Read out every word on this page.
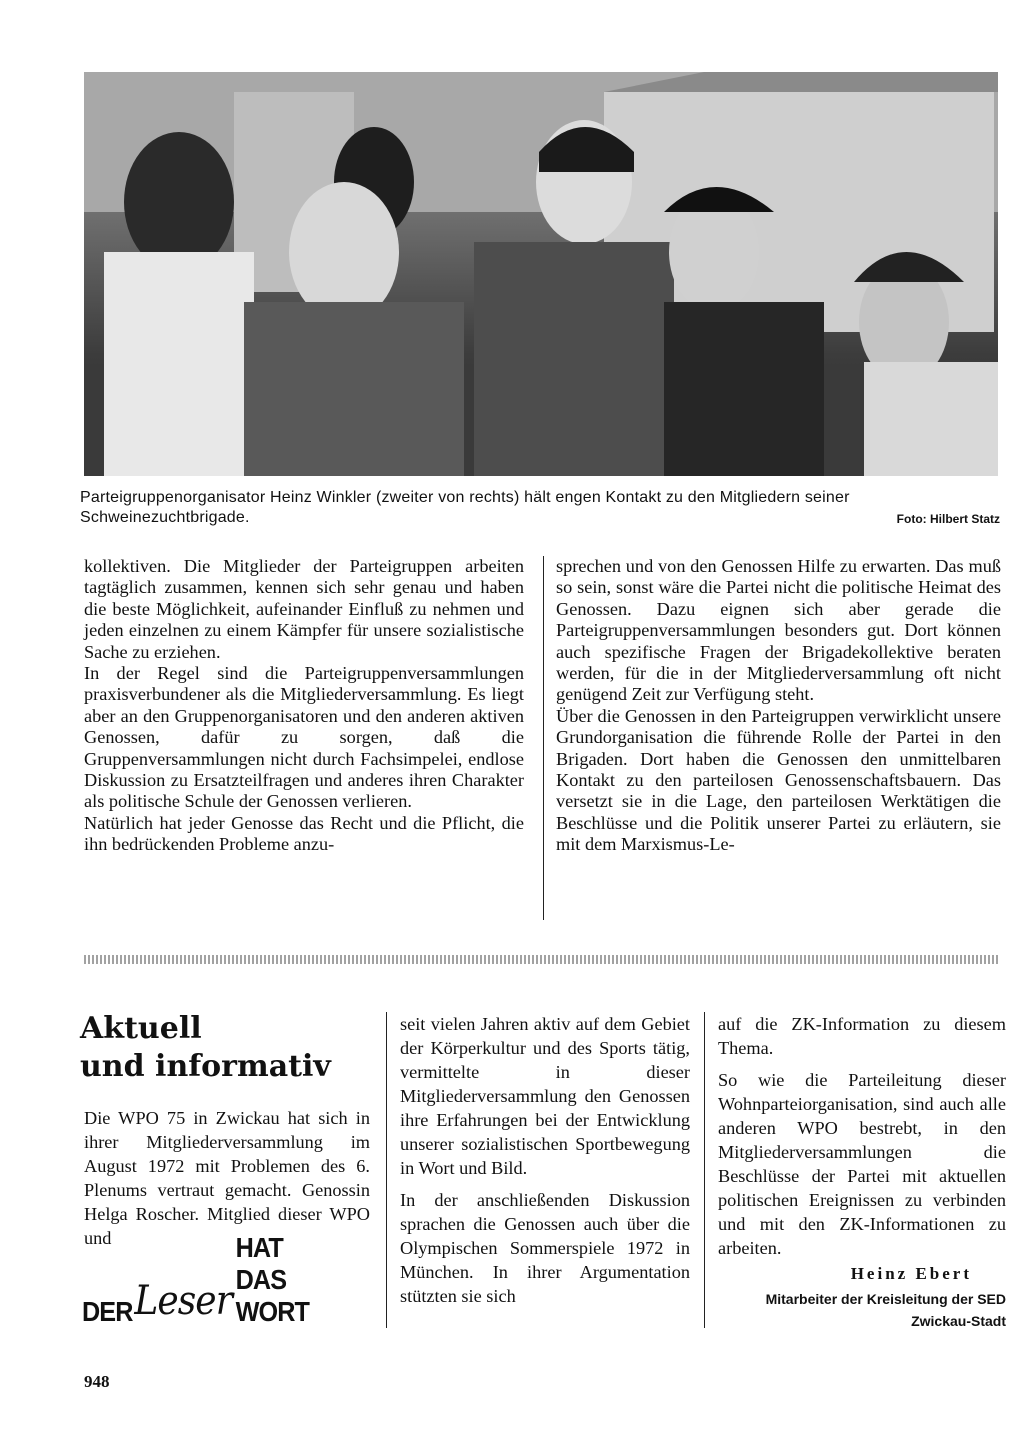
Parteigruppenorganisator Heinz Winkler (zweiter von rechts) hält engen Kontakt zu den Mitgliedern seiner Schweinezuchtbrigade.	Foto: Hilbert Statz

kollektiven. Die Mitglieder der Parteigruppen arbeiten tagtäglich zusammen, kennen sich sehr genau und haben die beste Möglichkeit, aufeinander Einfluß zu nehmen und jeden einzelnen zu einem Kämpfer für unsere sozialistische Sache zu erziehen.

In der Regel sind die Parteigruppenversammlungen praxisverbundener als die Mitgliederversammlung. Es liegt aber an den Gruppenorganisatoren und den anderen aktiven Genossen, dafür zu sorgen, daß die Gruppenversammlungen nicht durch Fachsimpelei, endlose Diskussion zu Ersatzteilfragen und anderes ihren Charakter als politische Schule der Genossen verlieren.

Natürlich hat jeder Genosse das Recht und die Pflicht, die ihn bedrückenden Probleme anzu-

sprechen und von den Genossen Hilfe zu erwarten. Das muß so sein, sonst wäre die Partei nicht die politische Heimat des Genossen. Dazu eignen sich aber gerade die Parteigruppenversammlungen besonders gut. Dort können auch spezifische Fragen der Brigadekollektive beraten werden, für die in der Mitgliederversammlung oft nicht genügend Zeit zur Verfügung steht.

Über die Genossen in den Parteigruppen verwirklicht unsere Grundorganisation die führende Rolle der Partei in den Brigaden. Dort haben die Genossen den unmittelbaren Kontakt zu den parteilosen Genossenschaftsbauern. Das versetzt sie in die Lage, den parteilosen Werktätigen die Beschlüsse und die Politik unserer Partei zu erläutern, sie mit dem Marxismus-Le-

Aktuell
und informativ

Die WPO 75 in Zwickau hat sich in ihrer Mitgliederversammlung im August 1972 mit Problemen des 6. Plenums vertraut gemacht. Genossin Helga Roscher. Mitglied dieser WPO und

DER Leser
HAT DAS WORT

seit vielen Jahren aktiv auf dem Gebiet der Körperkultur und des Sports tätig, vermittelte in dieser Mitgliederversammlung den Genossen ihre Erfahrungen bei der Entwicklung unserer sozialistischen Sportbewegung in Wort und Bild.

In der anschließenden Diskussion sprachen die Genossen auch über die Olympischen Sommerspiele 1972 in München. In ihrer Argumentation stützten sie sich

auf die ZK-Information zu diesem Thema.

So wie die Parteileitung dieser Wohnparteiorganisation, sind auch alle anderen WPO bestrebt, in den Mitgliederversammlungen die Beschlüsse der Partei mit aktuellen politischen Ereignissen zu verbinden und mit den ZK-Informationen zu arbeiten.

Heinz Ebert
Mitarbeiter der Kreisleitung der SED Zwickau-Stadt
948
